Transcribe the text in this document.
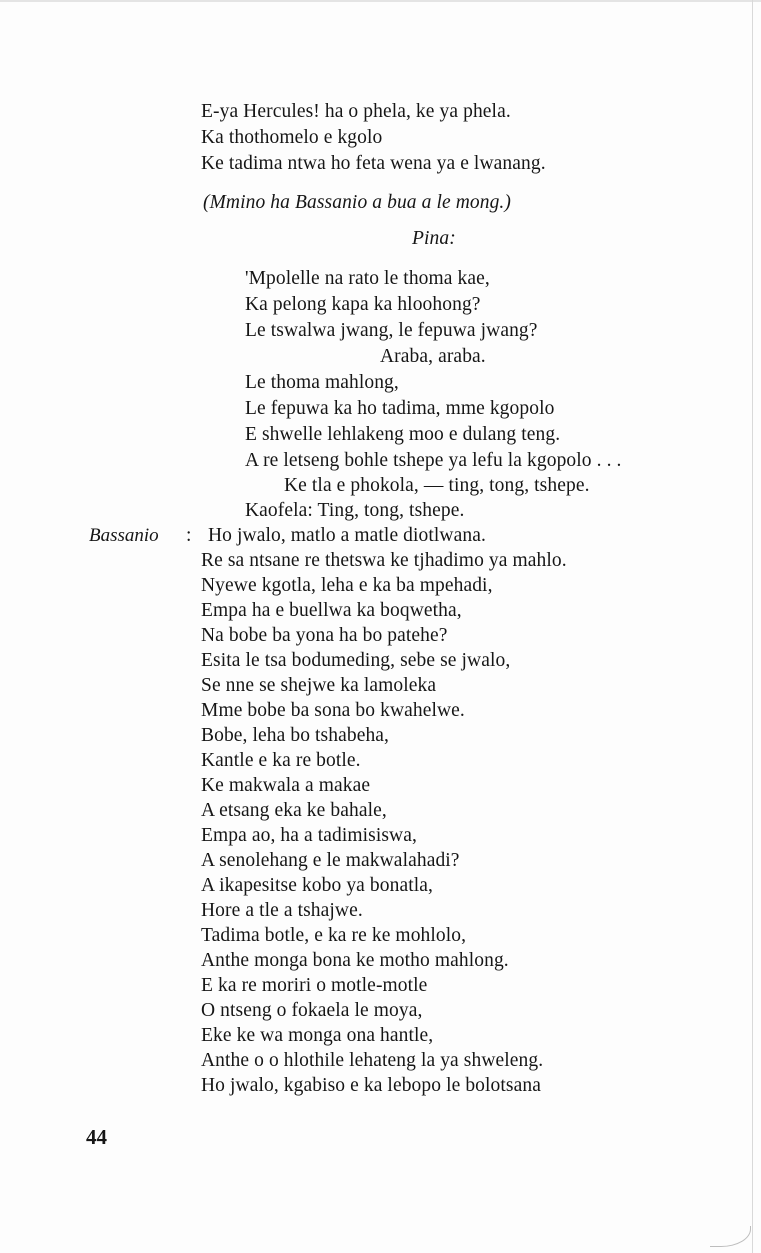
E-ya Hercules! ha o phela, ke ya phela.
Ka thothomelo e kgolo
Ke tadima ntwa ho feta wena ya e lwanang.
(Mmino ha Bassanio a bua a le mong.)
Pina:
'Mpolelle na rato le thoma kae,
Ka pelong kapa ka hloohong?
Le tswalwa jwang, le fepuwa jwang?
Araba, araba.
Le thoma mahlong,
Le fepuwa ka ho tadima, mme kgopolo
E shwelle lehlakeng moo e dulang teng.
A re letseng bohle tshepe ya lefu la kgopolo . . .
Ke tla e phokola, — ting, tong, tshepe.
Kaofela: Ting, tong, tshepe.
Bassanio : Ho jwalo, matlo a matle diotlwana.
Re sa ntsane re thetswa ke tjhadimo ya mahlo.
Nyewe kgotla, leha e ka ba mpehadi,
Empa ha e buellwa ka boqwetha,
Na bobe ba yona ha bo patehe?
Esita le tsa bodumeding, sebe se jwalo,
Se nne se shejwe ka lamoleka
Mme bobe ba sona bo kwahelwe.
Bobe, leha bo tshabeha,
Kantle e ka re botle.
Ke makwala a makae
A etsang eka ke bahale,
Empa ao, ha a tadimisiswa,
A senolehang e le makwalahadi?
A ikapesitse kobo ya bonatla,
Hore a tle a tshajwe.
Tadima botle, e ka re ke mohlolo,
Anthe monga bona ke motho mahlong.
E ka re moriri o motle-motle
O ntseng o fokaela le moya,
Eke ke wa monga ona hantle,
Anthe o o hlothile lehateng la ya shweleng.
Ho jwalo, kgabiso e ka lebopo le bolotsana
44
